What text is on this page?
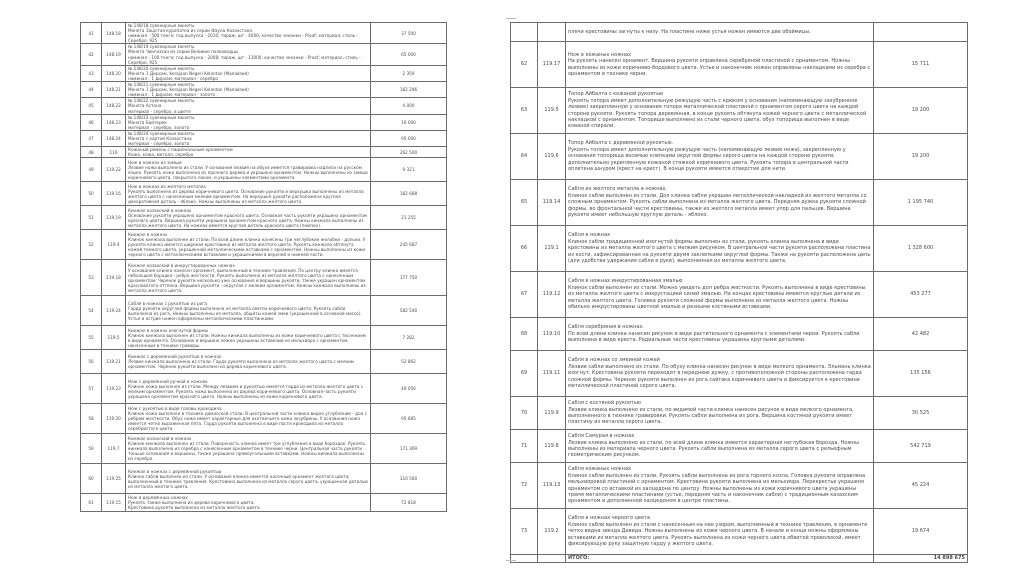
41	148.18	№ 148/18 сувенирные монеты
Монета Зацістая куропатка из серии Фауна Казахстана
номинал - 500 тенге; год выпуска - 2010; тираж, шт - 4000; качество чеканки - Proof; материал, стиль - Серебро, 925	37 500
42	148.19	№ 148/19 сувенирные монеты
Монета Чингизхан из серии Великие полководцы
номинал - 100 тенге; год выпуска - 2008; тираж, шт - 13000; качество чеканки - Proof; материал, стиль - Серебро, 925	65 000
43	148.20	№ 148/20 сувенирные монеты
Монета 1 Дирхам, Kerajaan Negeri Kelantan (Малайзия)
номинал - 1 дирхам, материал - серебро	2 359
44	148.21	№ 148/21 сувенирные монеты
Монета 1 Дирхам, Kerajaan Negeri Kelantan (Малайзия)
номинал - 1 дирхам, материал - золото	182 296
45	148.22	№ 148/22 сувенирные монеты
Монета Астана
материал - серебро, в цвете	4 000
46	148.23	№ 148/23 сувенирные монеты
Монета Байтерек
материал - серебро, золото	16 000
47	148.24	№ 148/24 сувенирные монеты
Монета с картой Казахстана
материал - серебро, золото	95 000
48	116	Кожаный ремень с национальным орнаментом
Кожа, кожа, металл, серебро	262 500
49	119.22	Нож в ножнах из замши
Лезвие ножа выполнено из стали. У основания лезвия на обухе имеется гравировка надписи на русском языке. Рукоять ножа выполнена из прочного дерева и украшено орнаментом. Ножны выполнены из замши коричневого цвета, покрытого лаком, и украшены элементами орнамента.	9 321
50	119.16	Нож в ножнах из желтого металла
Рукоять выполнено из дерева коричневого цвета. Основание рукояти и верхушка выполнены из металла желтого цвета с нанесенным мелким орнаментом. На верхушке рукояти расположена круглая декоративная деталь - яблоко. Ножны выполнены из металла желтого цвета.	182 688
51	119.19	Кинжал казахский в ножнах
Основание рукояти украшено орнаментом красного цвета. Основная часть рукояти украшена орнаментом красного цвета. Вершина рукояти украшена орнаментом красного цвета. Ножны кинжала выполнены из металла желтого цвета. На ножнах имеется круглая деталь красного цвета (помпон).	21 255
52	119.4	Кинжал в ножнах
Клинок кинжала выполнен из стали. По всей длине клинка нанесены три неглубокие желобки - дольки. У рукояти клинка имеется широкая крестовина из металла желтого цвета. Рукоять кинжала обтянута кожей темного цвета, украшенной металлическими вставками с орнаментом. Ножны выполнены из кожи черного цвета с металлическими вставками и украшениями в верхней и нижней части.	245 687
53	119.18	Кинжал казахский в инкрустированных ножнах
У основания клинка нанесен орнамент, выполненный в технике травления. По центру клинка имеется небольшая бородка - ребро жесткости. Рукоять выполнена из металла желтого цвета с нанесенным орнаментом. Черенок рукояти несколько уже основания и вершины рукояти, также украшен орнаментом красноватого оттенка. Вершина рукояти - округлая с мелким орнаментом. Ножны кинжала выполнены из металла желтого цвета.	177 750
54	119.24	Сабля в ножнах с рукоятью из рога
Гарда рукояти округлой формы выполнена из металла светло-коричневого цвета. Рукоять сабли выполнена из рога. Ножны выполнены из металла, обшиты кожей змеи (украшенной в основной массе). Устье и острие ножен оформлены металлическими пластинками.	582 540
55	119.5	Кинжал в ножнах изогнутой формы
Клинок кинжала выполнен из стали. Ножны кинжала выполнены из кожи коричневого цвета с тиснением в виде орнамента. Основание и вершина ножен украшены вставками из мельхиора с орнаментом, нанесенным в технике гравюры.	7 282
56	119.21	Кинжал с деревянной рукоятью в ножнах
Лезвие кинжала выполнено из стали. Гарда рукояти выполнена из металла желтого цвета с мелким орнаментом. Черенок рукояти выполнен из дерева коричневого цвета.	52 862
57	119.23	Нож с деревянной ручкой в ножнах
Клинок ножа выполнен из стали. Между лезвием и рукоятью имеется гарда из металла желтого цвета с мелким орнаментом. Рукоять ножа выполнена из дерева коричневого цвета. Основная часть рукояти украшена орнаментом красного цвета. Ножны выполнены из кожи коричневого цвета.	49 056
58	119.20	Нож с рукоятью в виде головы крокодила
Клинок ножа выполнен в технике дамасской стали. В центральной части клинка видно углубление - дол с ребром жесткости. Обух ножа имеет характерные для охотничьего ножа зазубрины. У основания ножа имеется четко выраженная пята. Гарда рукояти выполнена в виде пасти крокодила из металла серебристого цвета.	95 685
59	119.7	Кинжал казахский в ножнах
Клинок кинжала выполнен из стали. Поверхность клинка имеет три углубления в виде бороздок. Рукоять кинжала выполнена из серебра с нанесенным орнаментом в технике черни. Центральная часть рукояти тоньше основания и вершины, также украшена прямоугольными вставками. Ножны кинжала выполнены из серебра.	171 369
60	119.25	Кинжал в ножнах с деревянной рукоятью
Клинок сабли выполнен из стали. У основания клинка имеется насечный орнамент желтого цвета, выполненный в технике травления. Крестовина выполнена из металла серого цвета, украшенная деталью из металла желтого цвета.	310 560
61	119.15	Нож в деревянных ножнах
Рукоять также выполнена из дерева коричневого цвета.
Крестовина рукояти выполнена из металла желтого цвета.	72 818

		плечи крестовины загнуты к низу. На пластине ниже устья ножен имеются две обоймицы.	

62	119.17	Нож в кожаных ножнах
На рукоять нанесен орнамент. Вершина рукояти оправлена серебряной пластиной с орнаментом. Ножны выполнены из кожи коричнево-бордового цвета. Устье и наконечник ножен оправлены накладками из серебра с орнаментом в технике черни.	15 711
63	119.5	Топор Айбалта с кожаной рукоятью
Рукоять топора имеет дополнительную режущую часть с крюком у основания (напоминающую зазубренное лезвие) закрепленную у основания топора металлической пластиной с орнаментом серого цвета на каждой стороне рукояти. Рукоять топора деревянная, в конце рукоять обтянута кожей черного цвета с металлической накладкой с орнаментом. Топорище выполнено из стали черного цвета, обух топорища выполнен в виде кованой спирали.	19 200
64	119.6	Топор Айбалта с деревянной рукоятью.
Рукоять топора имеет дополнительную режущую часть (напоминающую лезвие ножа), закрепленную у основания топорища восемью клепками округлой формы серого цвета на каждой стороне рукояти, дополнительно укрепленную кожаной стяжкой коричневого цвета. Рукоять топора в центральной части оплетена шнуром (крест на крест). В конце рукояти имеется отверстие для нити.	19 200
65	119.14	Сабля из желтого металла в ножнах.
Клинок сабли выполнен из стали. Дол клинка сабли украшен металлической накладкой из желтого металла со сложным орнаментом. Рукоять сабли выполнена из металла желтого цвета. Передняя дужка рукояти сложной формы, во фронтальной части крестовины, также из желтого металла имеет упор для пальцев. Вершина рукояти имеет небольшую круглую деталь - яблоко.	1 195 740
66	119.1	Сабля в ножнах
Клинок сабли традиционной изогнутой формы выполнен из стали, рукоять клинка выполнена в виде крестовины из металла желтого цвета с мелким рисунком. В центральной части рукояти расположена пластина из кости, зафиксированная на рукояти двумя заклепками округлой формы. Также на рукояти расположена цепь (для удобства удержания сабли в руке), выполненная из металла желтого цвета.	1 328 600
67	119.12	Сабля в ножнах инкрустированная эмалью
Клинок сабли выполнен из стали. Можно увидеть дол ребра жесткости. Рукоять выполнена в виде крестовины из металла желтого цвета с инкрустацией синей эмалью. На концах крестовины имеются круглые детали из металла желтого цвета. Головка рукояти сложной формы выполнена из металла желтого цвета. Ножны обильно инкрустированы цветной эмалью и резными костяными вставками.	453 277
68	119.10	Сабля серебряная в ножнах.
По всей длине клинка нанесен рисунок в виде растительного орнамента с элементами черни. Рукоять сабли выполнена в виде креста. Радиальные части крестовины украшены круглыми деталями.	42 482
69	119.11	Сабля в ножнах со змеиной кожей
Лезвие сабли выполнено из стали. По обуху клинка нанесен рисунок в виде мелкого орнамента. Эльмань клинка изогнут. Крестовина рукояти переходит в переднюю дужку, с противоположной стороны расположена гарда сложной формы. Черенок рукояти выполнен из рога сайгака коричневого цвета и фиксируется к крестовине металлической пластиной серого цвета.	135 156
70	119.9	Сабля с костяной рукоятью
Лезвие клинка выполнено из стали, по видимой части клинка нанесен рисунок в виде мелкого орнамента, выполненного в технике гравировки. Рукоять сабли выполнена из рога. Вершина костяной рукояти имеет пластину из металла серого цвета.	30 525
71	119.8	Сабля Самурая в ножнах
Лезвие клинка выполнено из стали, по всей длине клинка имеется характерная неглубокая борозда. Ножны выполнены из материала черного цвета. Рукоять сабли выполнена из металла серого цвета с рельефным геометрическим рисунком.	542 719
72	119.13	Сабля кожаных ножнах
Клинок сабли выполнен из стали. Рукоять сабли выполнена из рога горного козла. Головка рукояти оправлена мельхиоровой пластиной с орнаментом. Крестовина рукояти выполнена из мельхиора. Перекрестье украшено орнаментом со вставкой из халцедона по центру. Ножны выполнены из кожи коричневого цвета украшены тремя металлическими пластинами (устье, передняя часть и наконечник сабли) с традиционным казахским орнаментом и дополненной халцедоном в центре пластины.	45 224
73	119.2	Сабля в ножнах черного цвета
Клинок сабли выполнен из стали с нанесенным на нее узором, выполненный в технике травления, в орнаменте четко видна звезда Давида. Ножны выполнены из кожи черного цвета. В начале и конце ножны оформлены вставками из металла желтого цвета. Рукоять выполнена из кожи черного цвета обвитой проволокой, имеет фиксирующую руку защитную гарду у желтого цвета.	19 674
		ИТОГО:	14 898 675
